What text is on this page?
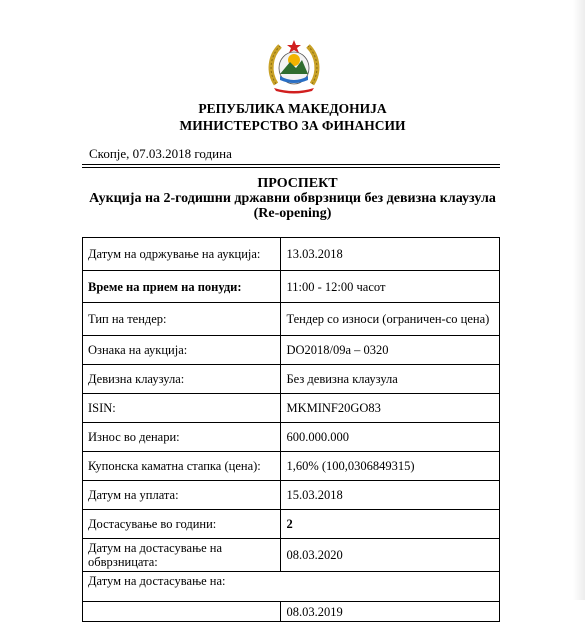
РЕПУБЛИКА МАКЕДОНИЈА
МИНИСТЕРСТВО ЗА ФИНАНСИИ
Скопје, 07.03.2018 година
ПРОСПЕКТ
Аукција на 2-годишни државни обврзници без девизна клаузула
(Re-opening)
Датум на одржување на аукција:	13.03.2018
Време на прием на понуди:	11:00 - 12:00 часот
Тип на тендер:	Тендер со износи (ограничен-со цена)
Ознака на аукција:	DO2018/09a – 0320
Девизна клаузула:	Без девизна клаузула
ISIN:	MKMINF20GO83
Износ во денари:	600.000.000
Купонска каматна стапка (цена):	1,60% (100,0306849315)
Датум на уплата:	15.03.2018
Достасување во години:	2
Датум на достасување на обврзницата:	08.03.2020
Датум на достасување на:	
	08.03.2019
